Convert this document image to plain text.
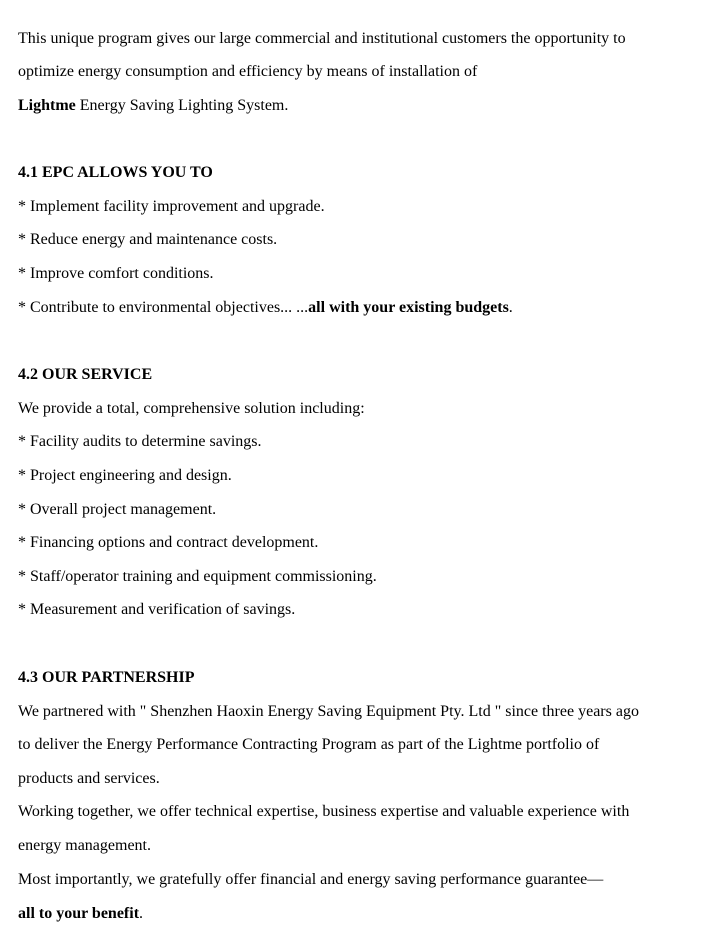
This unique program gives our large commercial and institutional customers the opportunity to
optimize energy consumption and efficiency by means of installation of
Lightme Energy Saving Lighting System.
4.1 EPC ALLOWS YOU TO
* Implement facility improvement and upgrade.
* Reduce energy and maintenance costs.
* Improve comfort conditions.
* Contribute to environmental objectives... ...all with your existing budgets.
4.2 OUR SERVICE
We provide a total, comprehensive solution including:
* Facility audits to determine savings.
* Project engineering and design.
* Overall project management.
* Financing options and contract development.
* Staff/operator training and equipment commissioning.
* Measurement and verification of savings.
4.3 OUR PARTNERSHIP
We partnered with " Shenzhen Haoxin Energy Saving Equipment Pty. Ltd " since three years ago
to deliver the Energy Performance Contracting Program as part of the Lightme portfolio of
products and services.
Working together, we offer technical expertise, business expertise and valuable experience with
energy management.
Most importantly, we gratefully offer financial and energy saving performance guarantee—
all to your benefit.
